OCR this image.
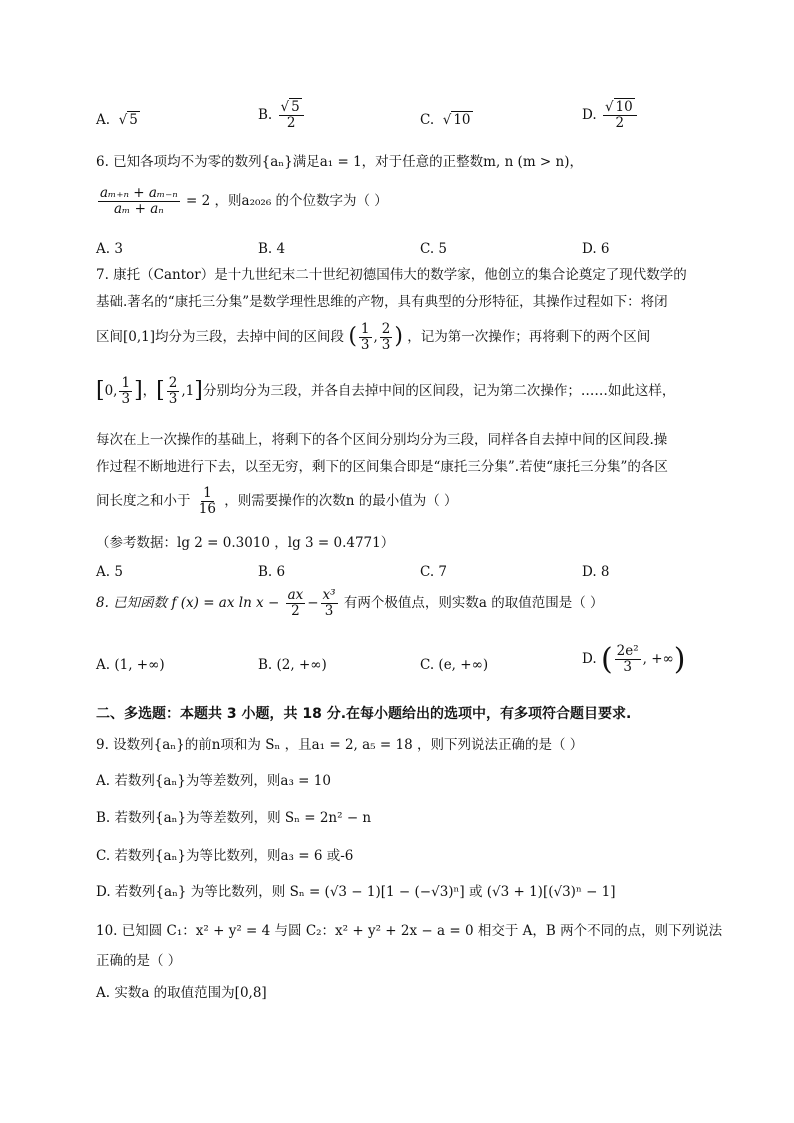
A. √ 5	B. $\frac{√ 5}{2}$	C. √ 10	D. $\frac{√ 10}{2}$
6. 已知各项均不为零的数列{aₙ}满足a₁ = 1，对于任意的正整数m, n (m > n)，
$\frac{\text{aₘ₊ₙ + aₘ₋ₙ}}{\text{aₘ + aₙ}} = 2$ ，则a₂₀₂₆ 的个位数字为（ ）
A. 3	B. 4	C. 5	D. 6
7. 康托（Cantor）是十九世纪末二十世纪初德国伟大的数学家，他创立的集合论奠定了现代数学的
基础.著名的“康托三分集”是数学理性思维的产物，具有典型的分形特征，其操作过程如下：将闭
区间[0,1]均分为三段，去掉中间的区间段 ( $\frac{1}{3}$ , $\frac{2}{3}$ ) ，记为第一次操作；再将剩下的两个区间
[0, $\frac{1}{3}$ ]，[ $\frac{2}{3} ,1$]分别均分为三段，并各自去掉中间的区间段，记为第二次操作；……如此这样，
每次在上一次操作的基础上，将剩下的各个区间分别均分为三段，同样各自去掉中间的区间段.操
作过程不断地进行下去，以至无穷，剩下的区间集合即是“康托三分集”.若使“康托三分集”的各区
间长度之和小于 $\frac{1}{16}$ ，则需要操作的次数n 的最小值为（ ）
（参考数据：lg 2 = 0.3010 ，lg 3 = 0.4771）
A. 5	B. 6	C. 7	D. 8
8. 已知函数 f (x) = ax $\ln x - \frac{ax}{2} - \frac{\text{x³}}{3}$ 有两个极值点，则实数a 的取值范围是（ ）
A. (1, +∞)	B. (2, +∞)	C. (e, +∞)	D. ( $\frac{\text{2e²}}{3}$ , +∞)
二、多选题：本题共 3 小题，共 18 分.在每小题给出的选项中，有多项符合题目要求.
9. 设数列{aₙ}的前n项和为 Sₙ ，且a₁ = 2, a₅ = 18 ，则下列说法正确的是（ ）
A. 若数列{aₙ}为等差数列，则a₃ = 10
B. 若数列{aₙ}为等差数列，则 Sₙ = 2n² − n
C. 若数列{aₙ}为等比数列，则a₃ = 6 或-6
D. 若数列{aₙ} 为等比数列，则 Sₙ = (√3 − 1)[1 − (−√3)ⁿ] 或 (√3 + 1)[(√3)ⁿ − 1]
10. 已知圆 C₁：x² + y² = 4 与圆 C₂：x² + y² + 2x − a = 0 相交于 A，B 两个不同的点，则下列说法
正确的是（ ）
A. 实数a 的取值范围为[0,8]
